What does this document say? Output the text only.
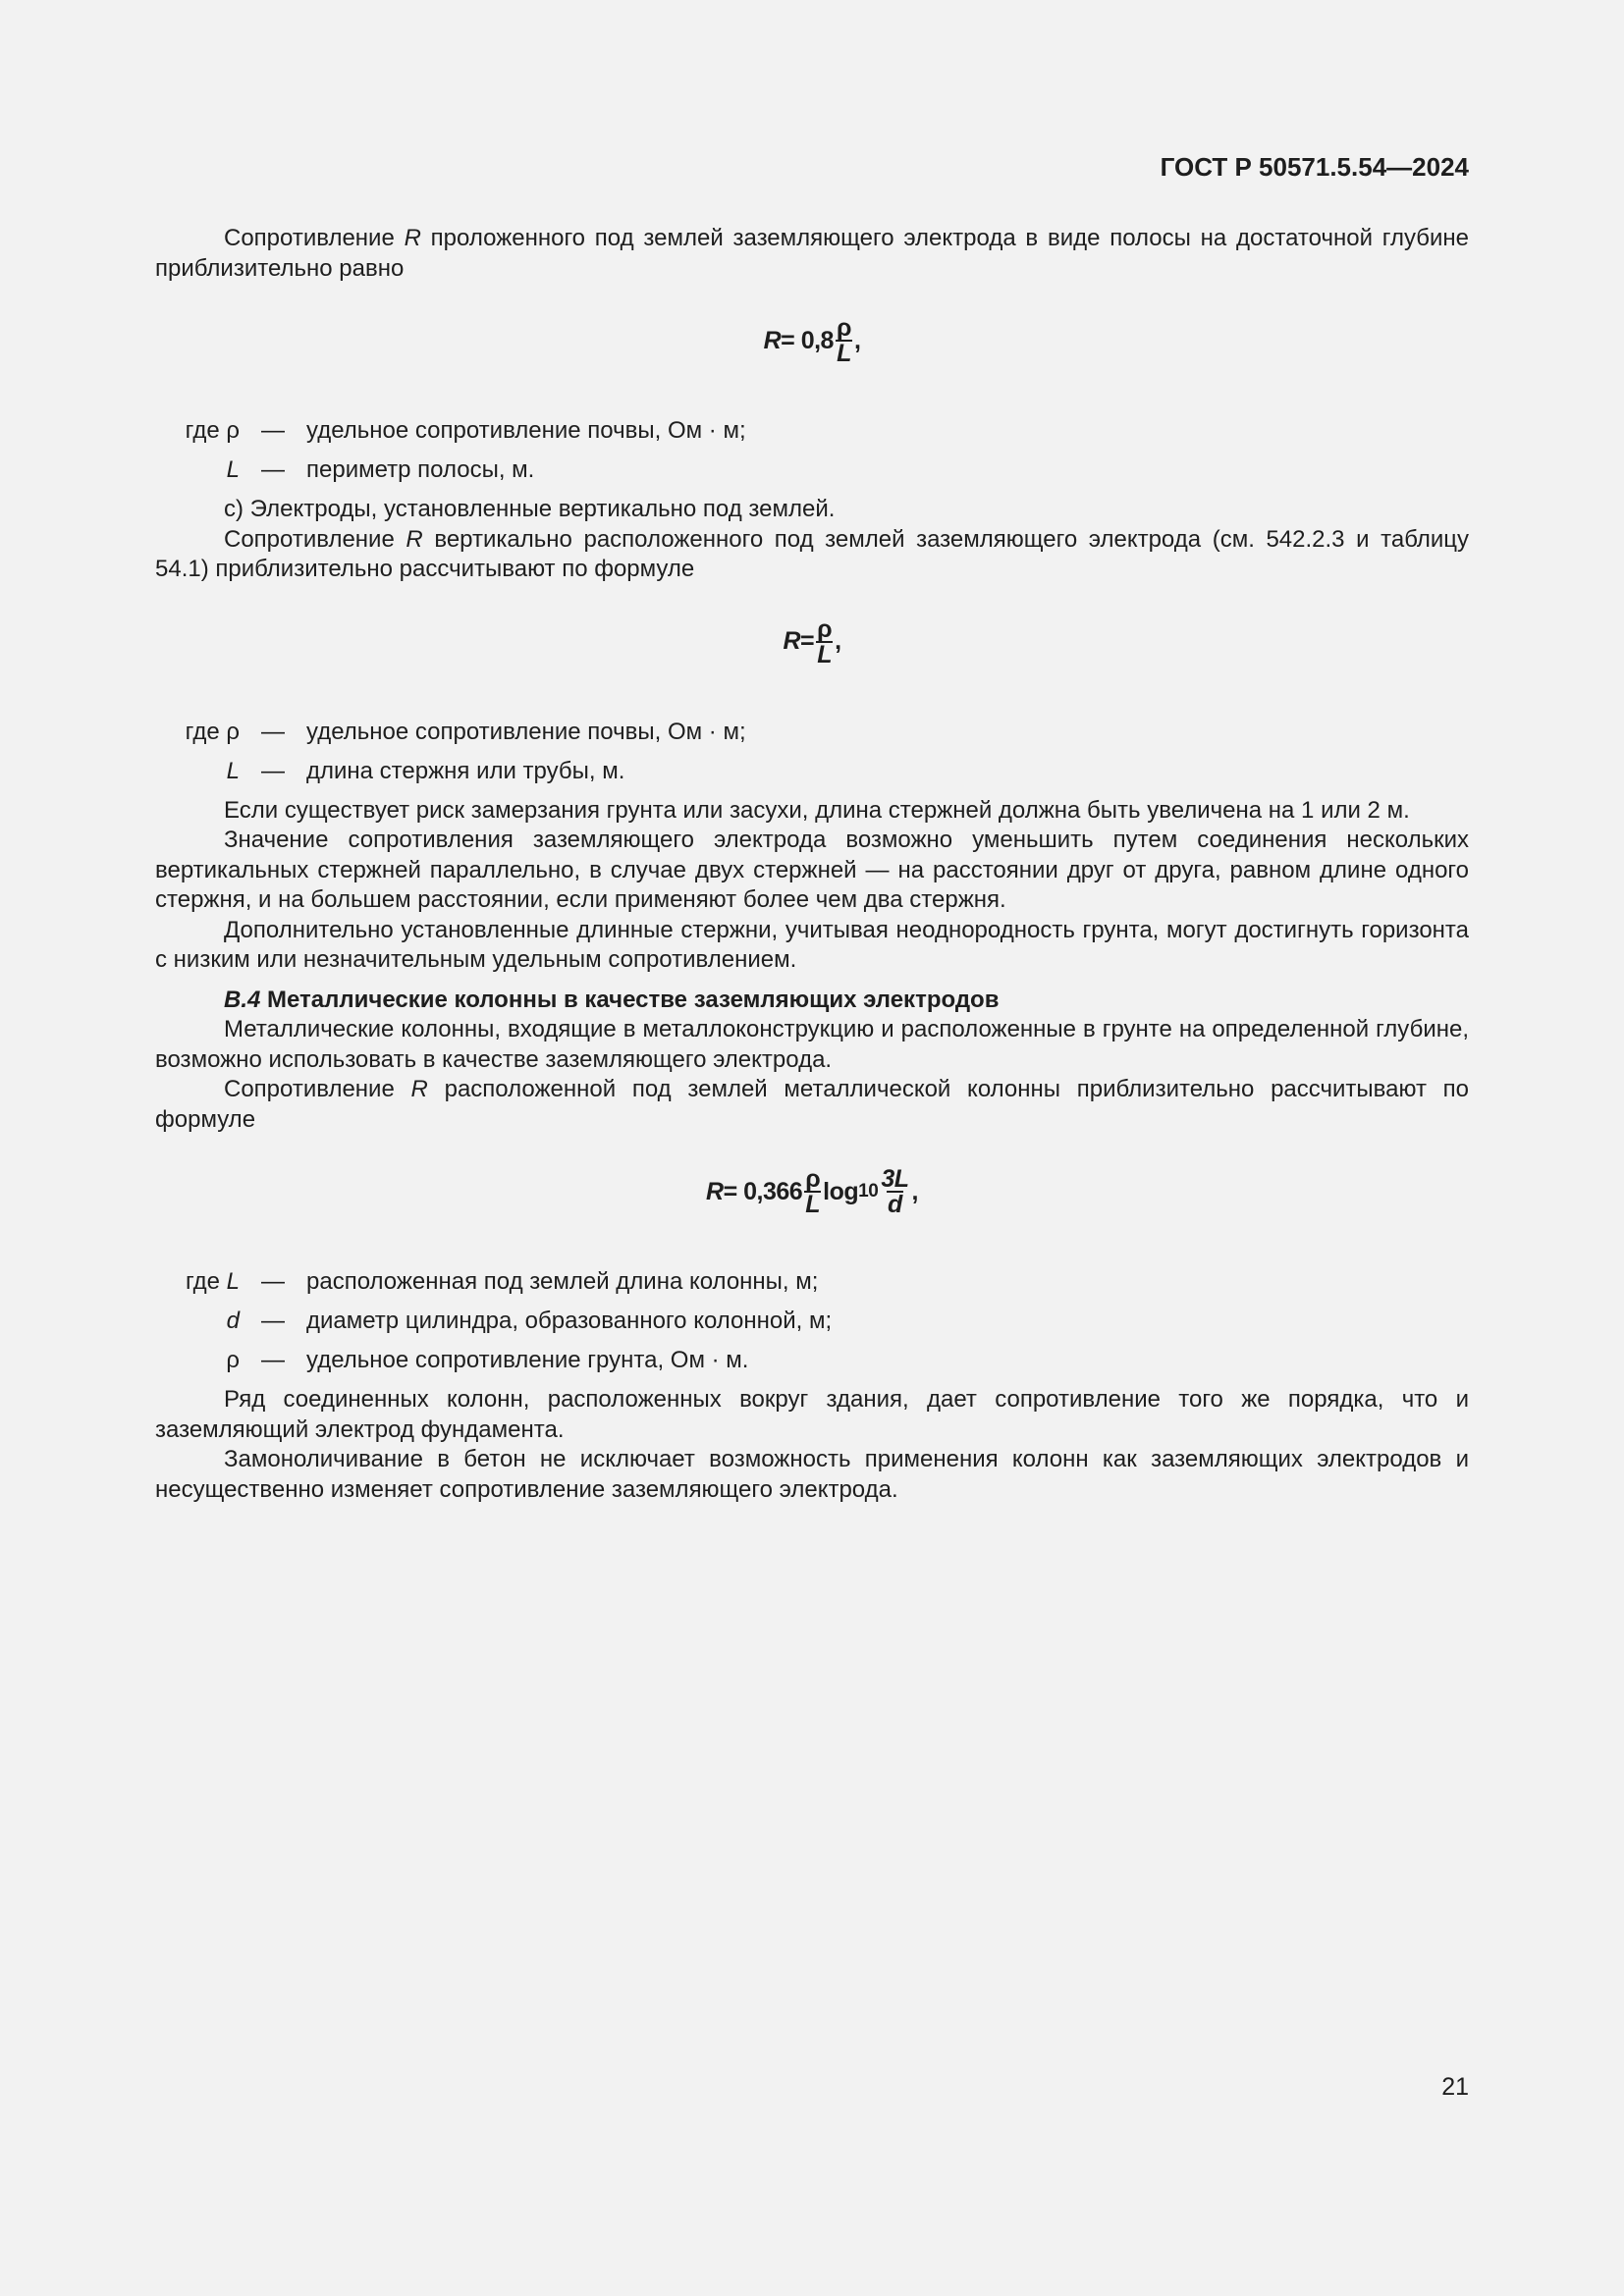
ГОСТ Р 50571.5.54—2024

Сопротивление R проложенного под землей заземляющего электрода в виде полосы на достаточной глубине приблизительно равно

$R = 0,8 \frac{\rho}{L}$ ,
где ρ	—	удельное сопротивление почвы, Ом · м;
L	—	периметр полосы, м.

c) Электроды, установленные вертикально под землей.

Сопротивление R вертикально расположенного под землей заземляющего электрода (см. 542.2.3 и таблицу 54.1) приблизительно рассчитывают по формуле

$R = \frac{\rho}{L}$ ,
где ρ	—	удельное сопротивление почвы, Ом · м;
L	—	длина стержня или трубы, м.

Если существует риск замерзания грунта или засухи, длина стержней должна быть увеличена на 1 или 2 м.

Значение сопротивления заземляющего электрода возможно уменьшить путем соединения нескольких вертикальных стержней параллельно, в случае двух стержней — на расстоянии друг от друга, равном длине одного стержня, и на большем расстоянии, если применяют более чем два стержня.

Дополнительно установленные длинные стержни, учитывая неоднородность грунта, могут достигнуть горизонта с низким или незначительным удельным сопротивлением.

B.4 Металлические колонны в качестве заземляющих электродов

Металлические колонны, входящие в металлоконструкцию и расположенные в грунте на определенной глубине, возможно использовать в качестве заземляющего электрода.

Сопротивление R расположенной под землей металлической колонны приблизительно рассчитывают по формуле

$R = 0,366 \frac{\rho}{L}$ $\log 10 \frac{3L}{d}$ ,
где L	—	расположенная под землей длина колонны, м;
d	—	диаметр цилиндра, образованного колонной, м;
ρ	—	удельное сопротивление грунта, Ом · м.

Ряд соединенных колонн, расположенных вокруг здания, дает сопротивление того же порядка, что и заземляющий электрод фундамента.

Замоноличивание в бетон не исключает возможность применения колонн как заземляющих электродов и несущественно изменяет сопротивление заземляющего электрода.

21
